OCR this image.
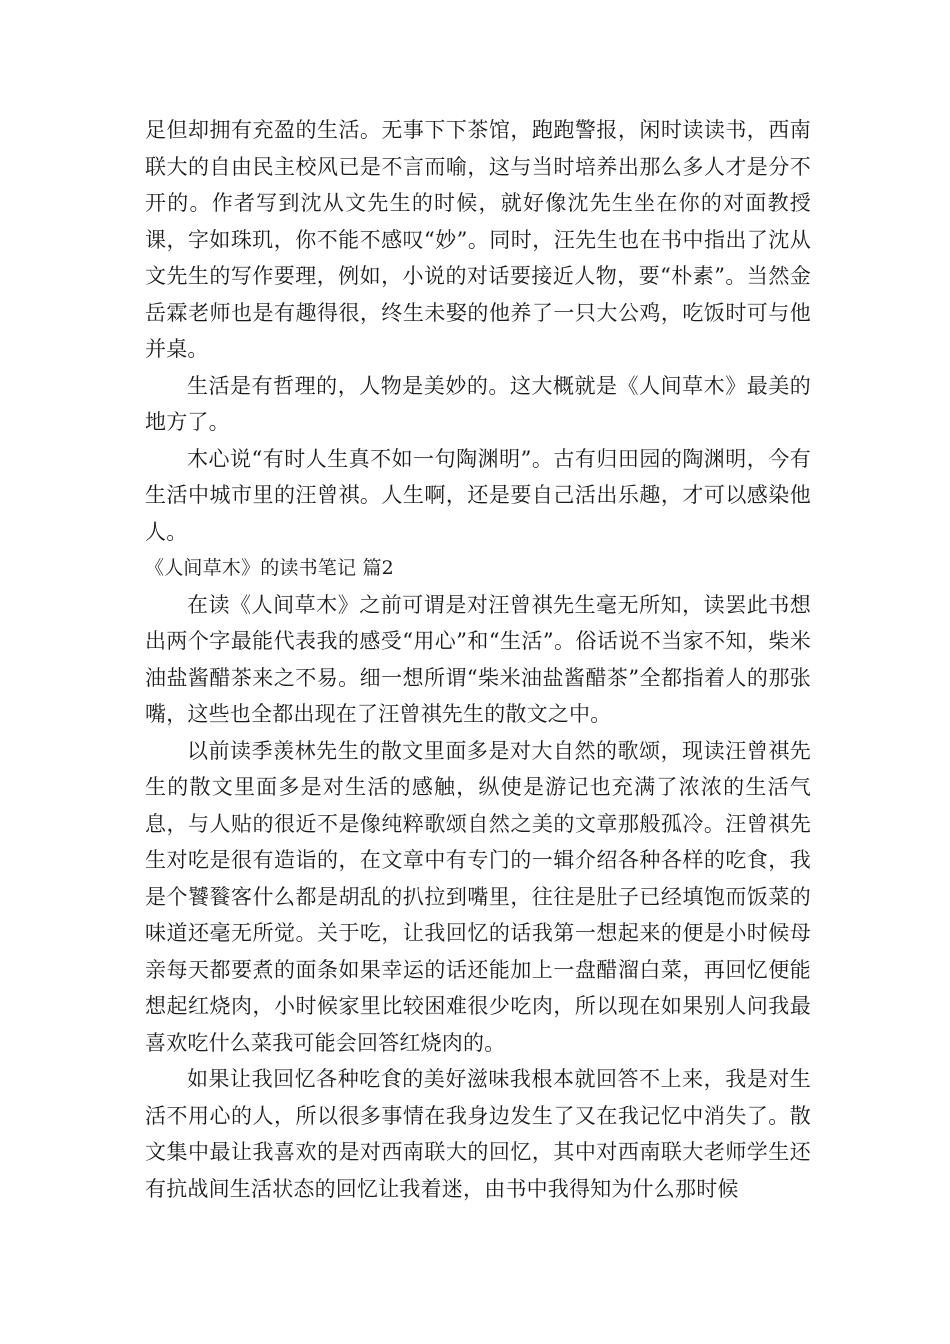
足但却拥有充盈的生活。无事下下茶馆，跑跑警报，闲时读读书，西南联大的自由民主校风已是不言而喻，这与当时培养出那么多人才是分不开的。作者写到沈从文先生的时候，就好像沈先生坐在你的对面教授课，字如珠玑，你不能不感叹“妙”。同时，汪先生也在书中指出了沈从文先生的写作要理，例如，小说的对话要接近人物，要“朴素”。当然金岳霖老师也是有趣得很，终生未娶的他养了一只大公鸡，吃饭时可与他并桌。

生活是有哲理的，人物是美妙的。这大概就是《人间草木》最美的地方了。

木心说“有时人生真不如一句陶渊明”。古有归田园的陶渊明，今有生活中城市里的汪曾祺。人生啊，还是要自己活出乐趣，才可以感染他人。

《人间草木》的读书笔记 篇2

在读《人间草木》之前可谓是对汪曾祺先生毫无所知，读罢此书想出两个字最能代表我的感受“用心”和“生活”。俗话说不当家不知，柴米油盐酱醋茶来之不易。细一想所谓“柴米油盐酱醋茶”全都指着人的那张嘴，这些也全都出现在了汪曾祺先生的散文之中。

以前读季羡林先生的散文里面多是对大自然的歌颂，现读汪曾祺先生的散文里面多是对生活的感触，纵使是游记也充满了浓浓的生活气息，与人贴的很近不是像纯粹歌颂自然之美的文章那般孤冷。汪曾祺先生对吃是很有造诣的，在文章中有专门的一辑介绍各种各样的吃食，我是个饕餮客什么都是胡乱的扒拉到嘴里，往往是肚子已经填饱而饭菜的味道还毫无所觉。关于吃，让我回忆的话我第一想起来的便是小时候母亲每天都要煮的面条如果幸运的话还能加上一盘醋溜白菜，再回忆便能想起红烧肉，小时候家里比较困难很少吃肉，所以现在如果别人问我最喜欢吃什么菜我可能会回答红烧肉的。

如果让我回忆各种吃食的美好滋味我根本就回答不上来，我是对生活不用心的人，所以很多事情在我身边发生了又在我记忆中消失了。散文集中最让我喜欢的是对西南联大的回忆，其中对西南联大老师学生还有抗战间生活状态的回忆让我着迷，由书中我得知为什么那时候
